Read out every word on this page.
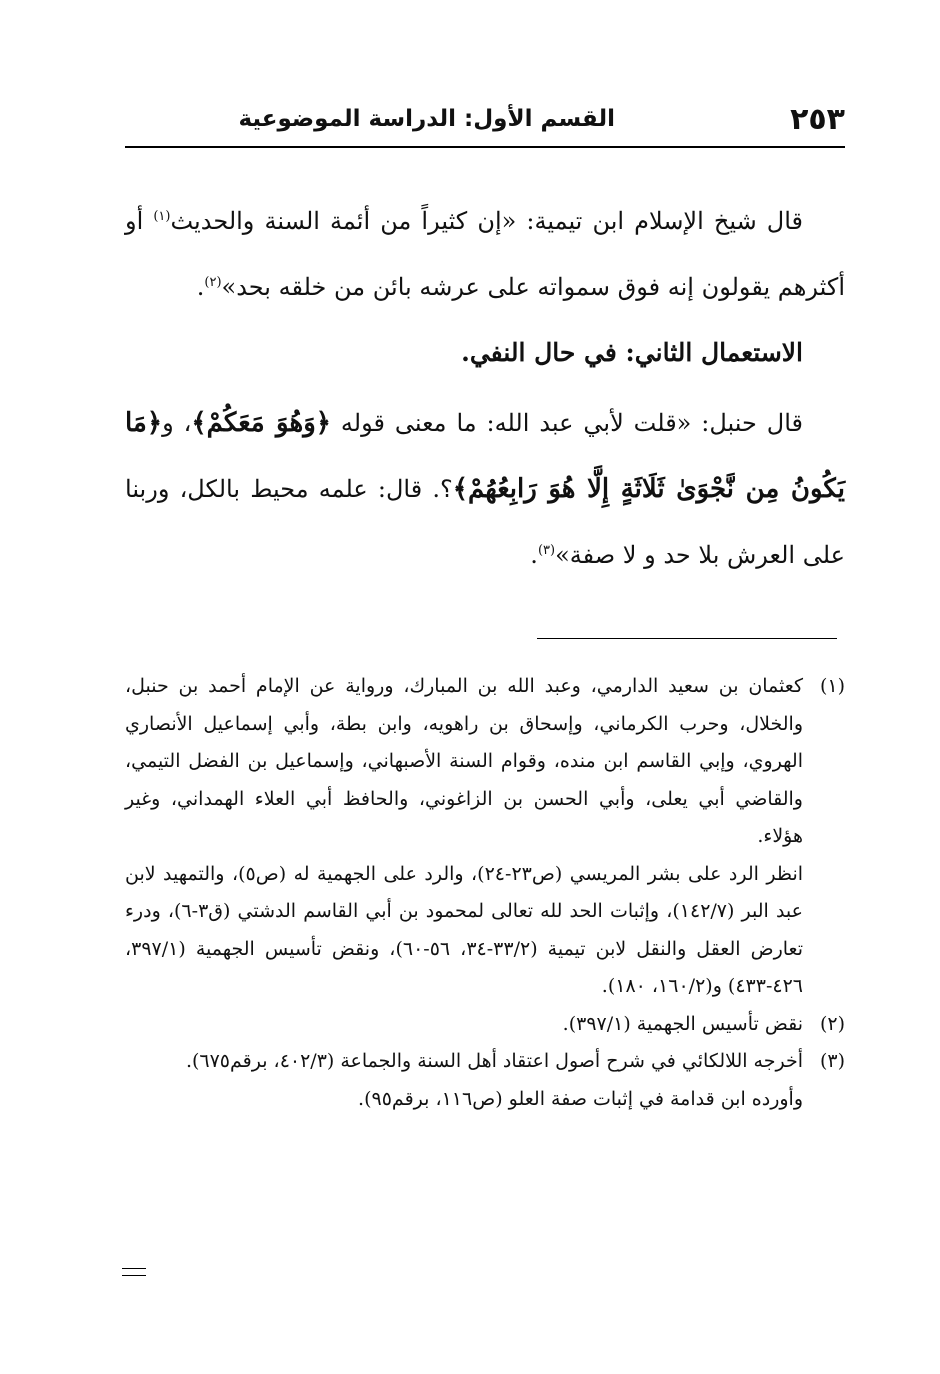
٢٥٣
القسم الأول: الدراسة الموضوعية

قال شيخ الإسلام ابن تيمية: «إن كثيراً من أئمة السنة والحديث$^{(١)}$ أو أكثرهم يقولون إنه فوق سمواته على عرشه بائن من خلقه بحد»$^{(٢)}$.

الاستعمال الثاني: في حال النفي.

قال حنبل: «قلت لأبي عبد الله: ما معنى قوله ﴿وَهُوَ مَعَكُمْ﴾، و﴿مَا يَكُونُ مِن نَّجْوَىٰ ثَلَاثَةٍ إِلَّا هُوَ رَابِعُهُمْ﴾؟. قال: علمه محيط بالكل، وربنا على العرش بلا حد و لا صفة»$^{(٣)}$.

(١)كعثمان بن سعيد الدارمي، وعبد الله بن المبارك، ورواية عن الإمام أحمد بن حنبل، والخلال، وحرب الكرماني، وإسحاق بن راهويه، وابن بطة، وأبي إسماعيل الأنصاري الهروي، وإبي القاسم ابن منده، وقوام السنة الأصبهاني، وإسماعيل بن الفضل التيمي، والقاضي أبي يعلى، وأبي الحسن بن الزاغوني، والحافظ أبي العلاء الهمداني، وغير هؤلاء.

انظر الرد على بشر المريسي (ص٢٣-٢٤)، والرد على الجهمية له (ص٥)، والتمهيد لابن عبد البر (١٤٢/٧)، وإثبات الحد لله تعالى لمحمود بن أبي القاسم الدشتي (ق٣-٦)، ودرء تعارض العقل والنقل لابن تيمية (٣٣/٢-٣٤، ٥٦-٦٠)، ونقض تأسيس الجهمية (٣٩٧/١، ٤٢٦-٤٣٣) و(١٦٠/٢، ١٨٠).

(٢)نقض تأسيس الجهمية (٣٩٧/١).

(٣)أخرجه اللالكائي في شرح أصول اعتقاد أهل السنة والجماعة (٤٠٢/٣، برقم٦٧٥).

وأورده ابن قدامة في إثبات صفة العلو (ص١١٦، برقم٩٥).
